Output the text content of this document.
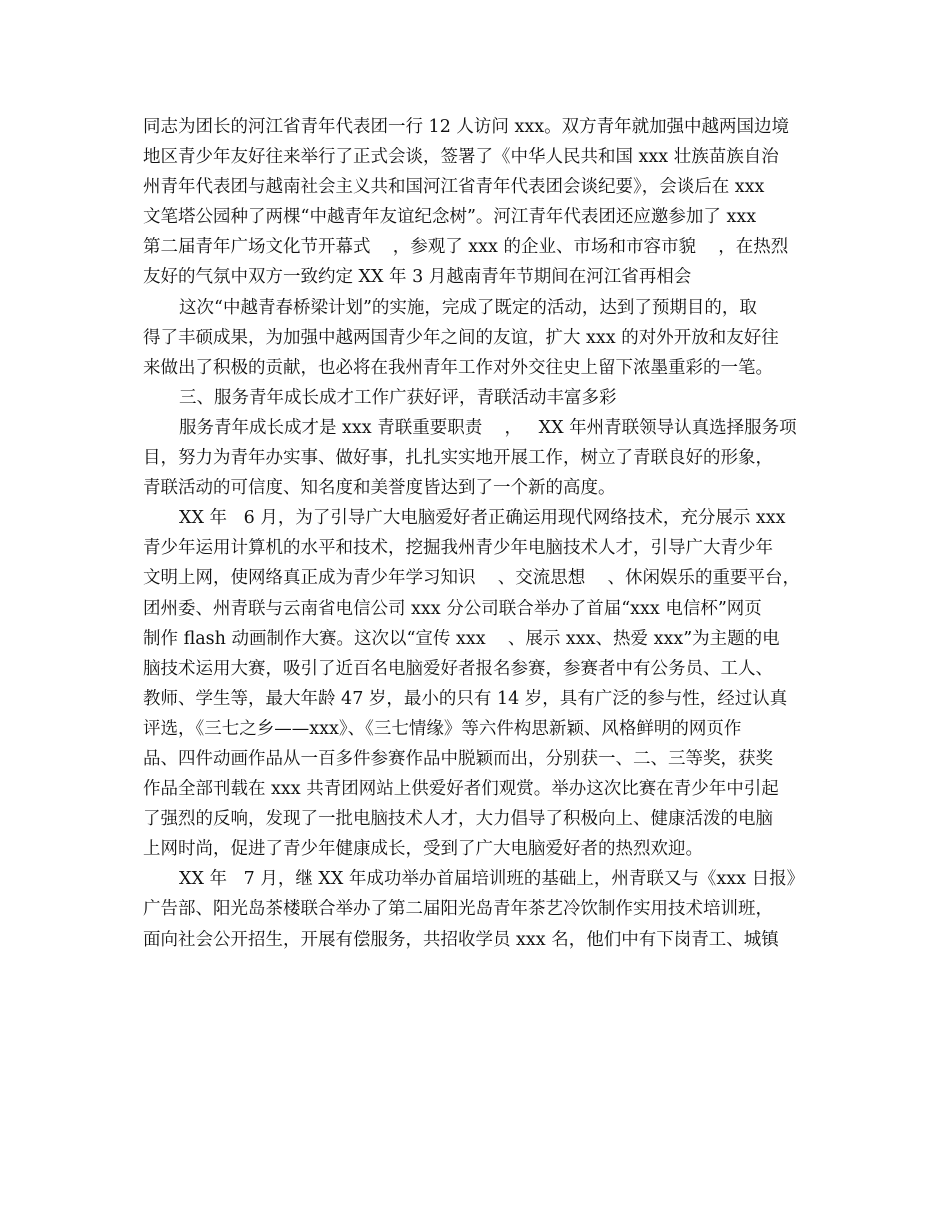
同志为团长的河江省青年代表团一行 12 人访问 xxx。双方青年就加强中越两国边境
地区青少年友好往来举行了正式会谈，签署了《中华人民共和国 xxx 壮族苗族自治
州青年代表团与越南社会主义共和国河江省青年代表团会谈纪要》，会谈后在 xxx
文笔塔公园种了两棵“中越青年友谊纪念树”。河江青年代表团还应邀参加了 xxx
第二届青年广场文化节开幕式    ，参观了 xxx 的企业、市场和市容市貌    ，在热烈
友好的气氛中双方一致约定 XX 年 3 月越南青年节期间在河江省再相会
这次“中越青春桥梁计划”的实施，完成了既定的活动，达到了预期目的，取
得了丰硕成果，为加强中越两国青少年之间的友谊，扩大 xxx 的对外开放和友好往
来做出了积极的贡献，也必将在我州青年工作对外交往史上留下浓墨重彩的一笔。
三、服务青年成长成才工作广获好评，青联活动丰富多彩
服务青年成长成才是 xxx 青联重要职责    ，   XX 年州青联领导认真选择服务项
目，努力为青年办实事、做好事，扎扎实实地开展工作，树立了青联良好的形象，
青联活动的可信度、知名度和美誉度皆达到了一个新的高度。
XX 年   6 月，为了引导广大电脑爱好者正确运用现代网络技术，充分展示 xxx
青少年运用计算机的水平和技术，挖掘我州青少年电脑技术人才，引导广大青少年
文明上网，使网络真正成为青少年学习知识    、交流思想    、休闲娱乐的重要平台，
团州委、州青联与云南省电信公司 xxx 分公司联合举办了首届“xxx 电信杯”网页
制作 flash 动画制作大赛。这次以“宣传 xxx    、展示 xxx、热爱 xxx”为主题的电
脑技术运用大赛，吸引了近百名电脑爱好者报名参赛，参赛者中有公务员、工人、
教师、学生等，最大年龄 47 岁，最小的只有 14 岁，具有广泛的参与性，经过认真
评选，《三七之乡——xxx》、《三七情缘》等六件构思新颖、风格鲜明的网页作
品、四件动画作品从一百多件参赛作品中脱颖而出，分别获一、二、三等奖，获奖
作品全部刊载在 xxx 共青团网站上供爱好者们观赏。举办这次比赛在青少年中引起
了强烈的反响，发现了一批电脑技术人才，大力倡导了积极向上、健康活泼的电脑
上网时尚，促进了青少年健康成长，受到了广大电脑爱好者的热烈欢迎。
XX 年   7 月，继 XX 年成功举办首届培训班的基础上，州青联又与《xxx 日报》
广告部、阳光岛茶楼联合举办了第二届阳光岛青年茶艺冷饮制作实用技术培训班，
面向社会公开招生，开展有偿服务，共招收学员 xxx 名，他们中有下岗青工、城镇
